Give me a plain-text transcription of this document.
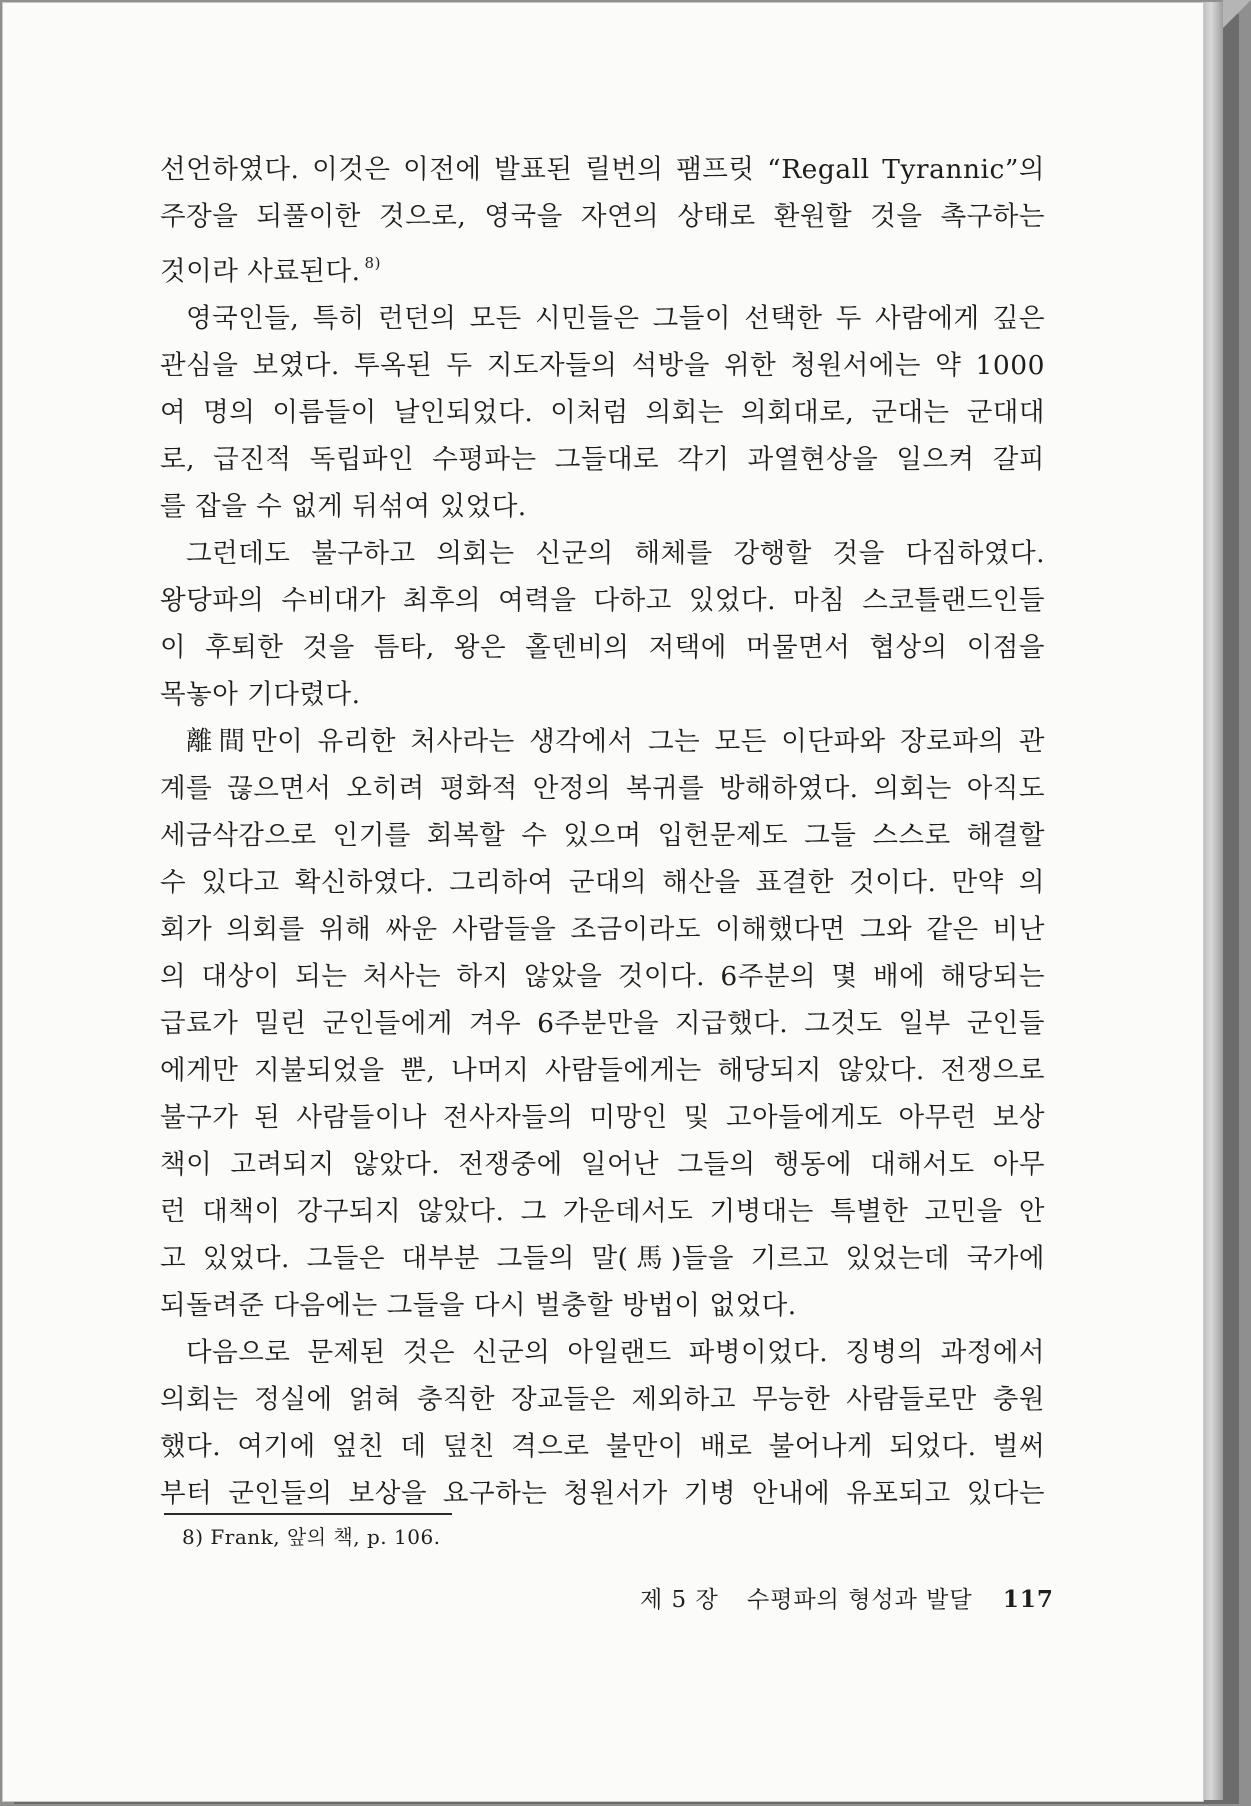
선언하였다. 이것은 이전에 발표된 릴번의 팸프릿 “Regall Tyrannic”의
주장을 되풀이한 것으로, 영국을 자연의 상태로 환원할 것을 촉구하는
것이라 사료된다. $^{8)}$

영국인들, 특히 런던의 모든 시민들은 그들이 선택한 두 사람에게 깊은
관심을 보였다. 투옥된 두 지도자들의 석방을 위한 청원서에는 약 1000
여 명의 이름들이 날인되었다. 이처럼 의회는 의회대로, 군대는 군대대
로, 급진적 독립파인 수평파는 그들대로 각기 과열현상을 일으켜 갈피
를 잡을 수 없게 뒤섞여 있었다.

그런데도 불구하고 의회는 신군의 해체를 강행할 것을 다짐하였다.
왕당파의 수비대가 최후의 여력을 다하고 있었다. 마침 스코틀랜드인들
이 후퇴한 것을 틈타, 왕은 홀덴비의 저택에 머물면서 협상의 이점을
목놓아 기다렸다.

離間만이 유리한 처사라는 생각에서 그는 모든 이단파와 장로파의 관
계를 끊으면서 오히려 평화적 안정의 복귀를 방해하였다. 의회는 아직도
세금삭감으로 인기를 회복할 수 있으며 입헌문제도 그들 스스로 해결할
수 있다고 확신하였다. 그리하여 군대의 해산을 표결한 것이다. 만약 의
회가 의회를 위해 싸운 사람들을 조금이라도 이해했다면 그와 같은 비난
의 대상이 되는 처사는 하지 않았을 것이다. 6주분의 몇 배에 해당되는
급료가 밀린 군인들에게 겨우 6주분만을 지급했다. 그것도 일부 군인들
에게만 지불되었을 뿐, 나머지 사람들에게는 해당되지 않았다. 전쟁으로
불구가 된 사람들이나 전사자들의 미망인 및 고아들에게도 아무런 보상
책이 고려되지 않았다. 전쟁중에 일어난 그들의 행동에 대해서도 아무
런 대책이 강구되지 않았다. 그 가운데서도 기병대는 특별한 고민을 안
고 있었다. 그들은 대부분 그들의 말(馬)들을 기르고 있었는데 국가에
되돌려준 다음에는 그들을 다시 벌충할 방법이 없었다.

다음으로 문제된 것은 신군의 아일랜드 파병이었다. 징병의 과정에서
의회는 정실에 얽혀 충직한 장교들은 제외하고 무능한 사람들로만 충원
했다. 여기에 엎친 데 덮친 격으로 불만이 배로 불어나게 되었다. 벌써
부터 군인들의 보상을 요구하는 청원서가 기병 안내에 유포되고 있다는

8) Frank, 앞의 책, p. 106.
제 5 장 수평파의 형성과 발달 117
